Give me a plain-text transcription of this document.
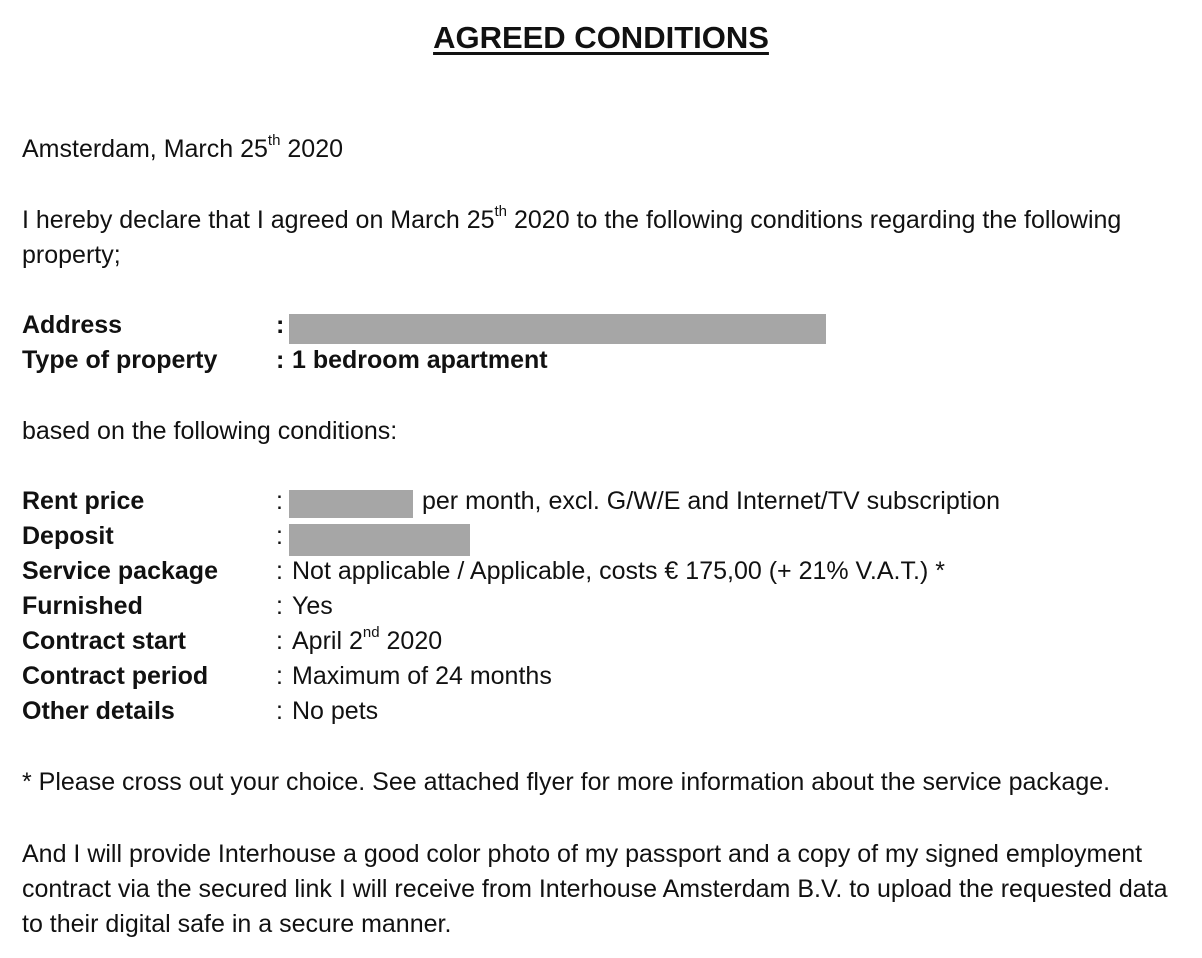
AGREED CONDITIONS
Amsterdam, March 25th 2020
I hereby declare that I agreed on March 25th 2020 to the following conditions regarding the following property;
Address	:
Type of property : 1 bedroom apartment
based on the following conditions:
Rent price	:	per month, excl. G/W/E and Internet/TV subscription
Deposit	:
Service package : Not applicable / Applicable, costs € 175,00 (+ 21% V.A.T.) *
Furnished	: Yes
Contract start	: April 2nd 2020
Contract period	: Maximum of 24 months
Other details	: No pets
* Please cross out your choice. See attached flyer for more information about the service package.
And I will provide Interhouse a good color photo of my passport and a copy of my signed employment contract via the secured link I will receive from Interhouse Amsterdam B.V. to upload the requested data to their digital safe in a secure manner.
